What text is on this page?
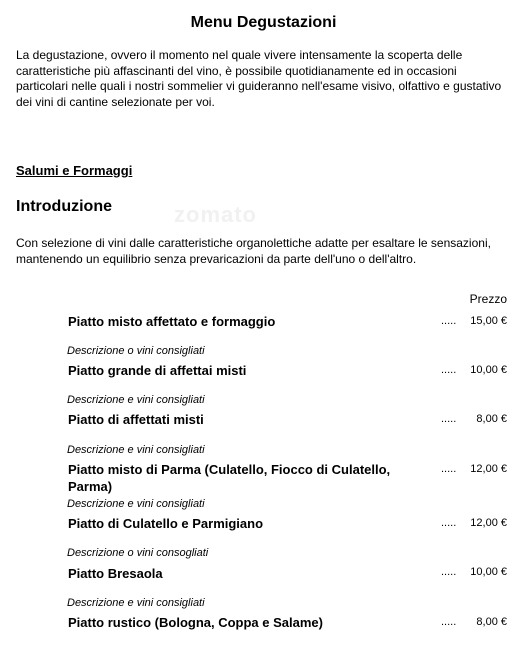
Menu Degustazioni
La degustazione, ovvero il momento nel quale vivere intensamente la scoperta delle caratteristiche più affascinanti del vino, è possibile quotidianamente ed in occasioni particolari nelle quali i nostri sommelier vi guideranno nell'esame visivo, olfattivo e gustativo dei vini di cantine selezionate per voi.
Salumi e Formaggi
zomato
Introduzione
Con selezione di vini dalle caratteristiche organolettiche adatte per esaltare le sensazioni, mantenendo un equilibrio senza prevaricazioni da parte dell'uno o dell'altro.
Prezzo
Piatto misto affettato e formaggio	..... 15,00 €
Descrizione o vini consigliati
Piatto grande di affettai misti	..... 10,00 €
Descrizione e vini consigliati
Piatto di affettati misti	..... 8,00 €
Descrizione e vini consigliati
Piatto misto di Parma (Culatello, Fiocco di Culatello, Parma)
..... 12,00 €
Descrizione e vini consigliati
Piatto di Culatello e Parmigiano	..... 12,00 €
Descrizione o vini consogliati
Piatto Bresaola	..... 10,00 €
Descrizione e vini consigliati
Piatto rustico (Bologna, Coppa e Salame)	..... 8,00 €
